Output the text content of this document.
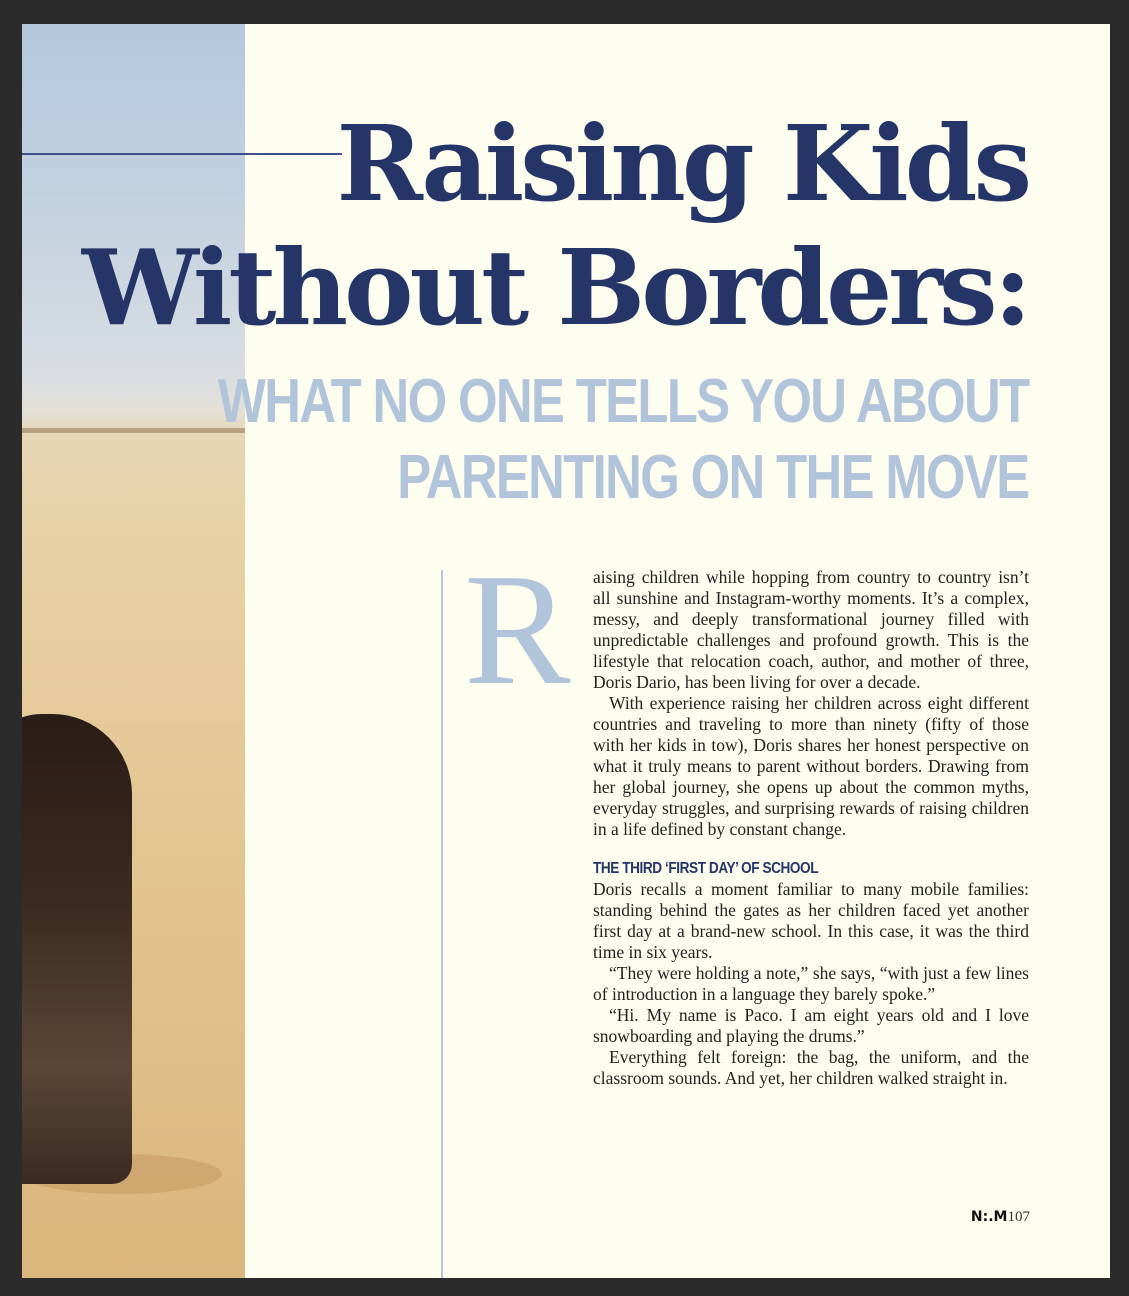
Raising Kids
Without Borders:
WHAT NO ONE TELLS YOU ABOUT
PARENTING ON THE MOVE
R aising children while hopping from country to country isn’t all sunshine and Instagram-worthy moments. It’s a complex, messy, and deeply transformational journey filled with unpredictable challenges and profound growth. This is the lifestyle that relocation coach, author, and mother of three, Doris Dario, has been living for over a decade.

With experience raising her children across eight different countries and traveling to more than ninety (fifty of those with her kids in tow), Doris shares her honest perspective on what it truly means to parent without borders. Drawing from her global journey, she opens up about the common myths, everyday struggles, and surprising rewards of raising children in a life defined by constant change.

THE THIRD ‘FIRST DAY’ OF SCHOOL

Doris recalls a moment familiar to many mobile families: standing behind the gates as her children faced yet another first day at a brand-new school. In this case, it was the third time in six years.

“They were holding a note,” she says, “with just a few lines of introduction in a language they barely spoke.”

“Hi. My name is Paco. I am eight years old and I love snowboarding and playing the drums.”

Everything felt foreign: the bag, the uniform, and the classroom sounds. And yet, her children walked straight in.

N:.M107
